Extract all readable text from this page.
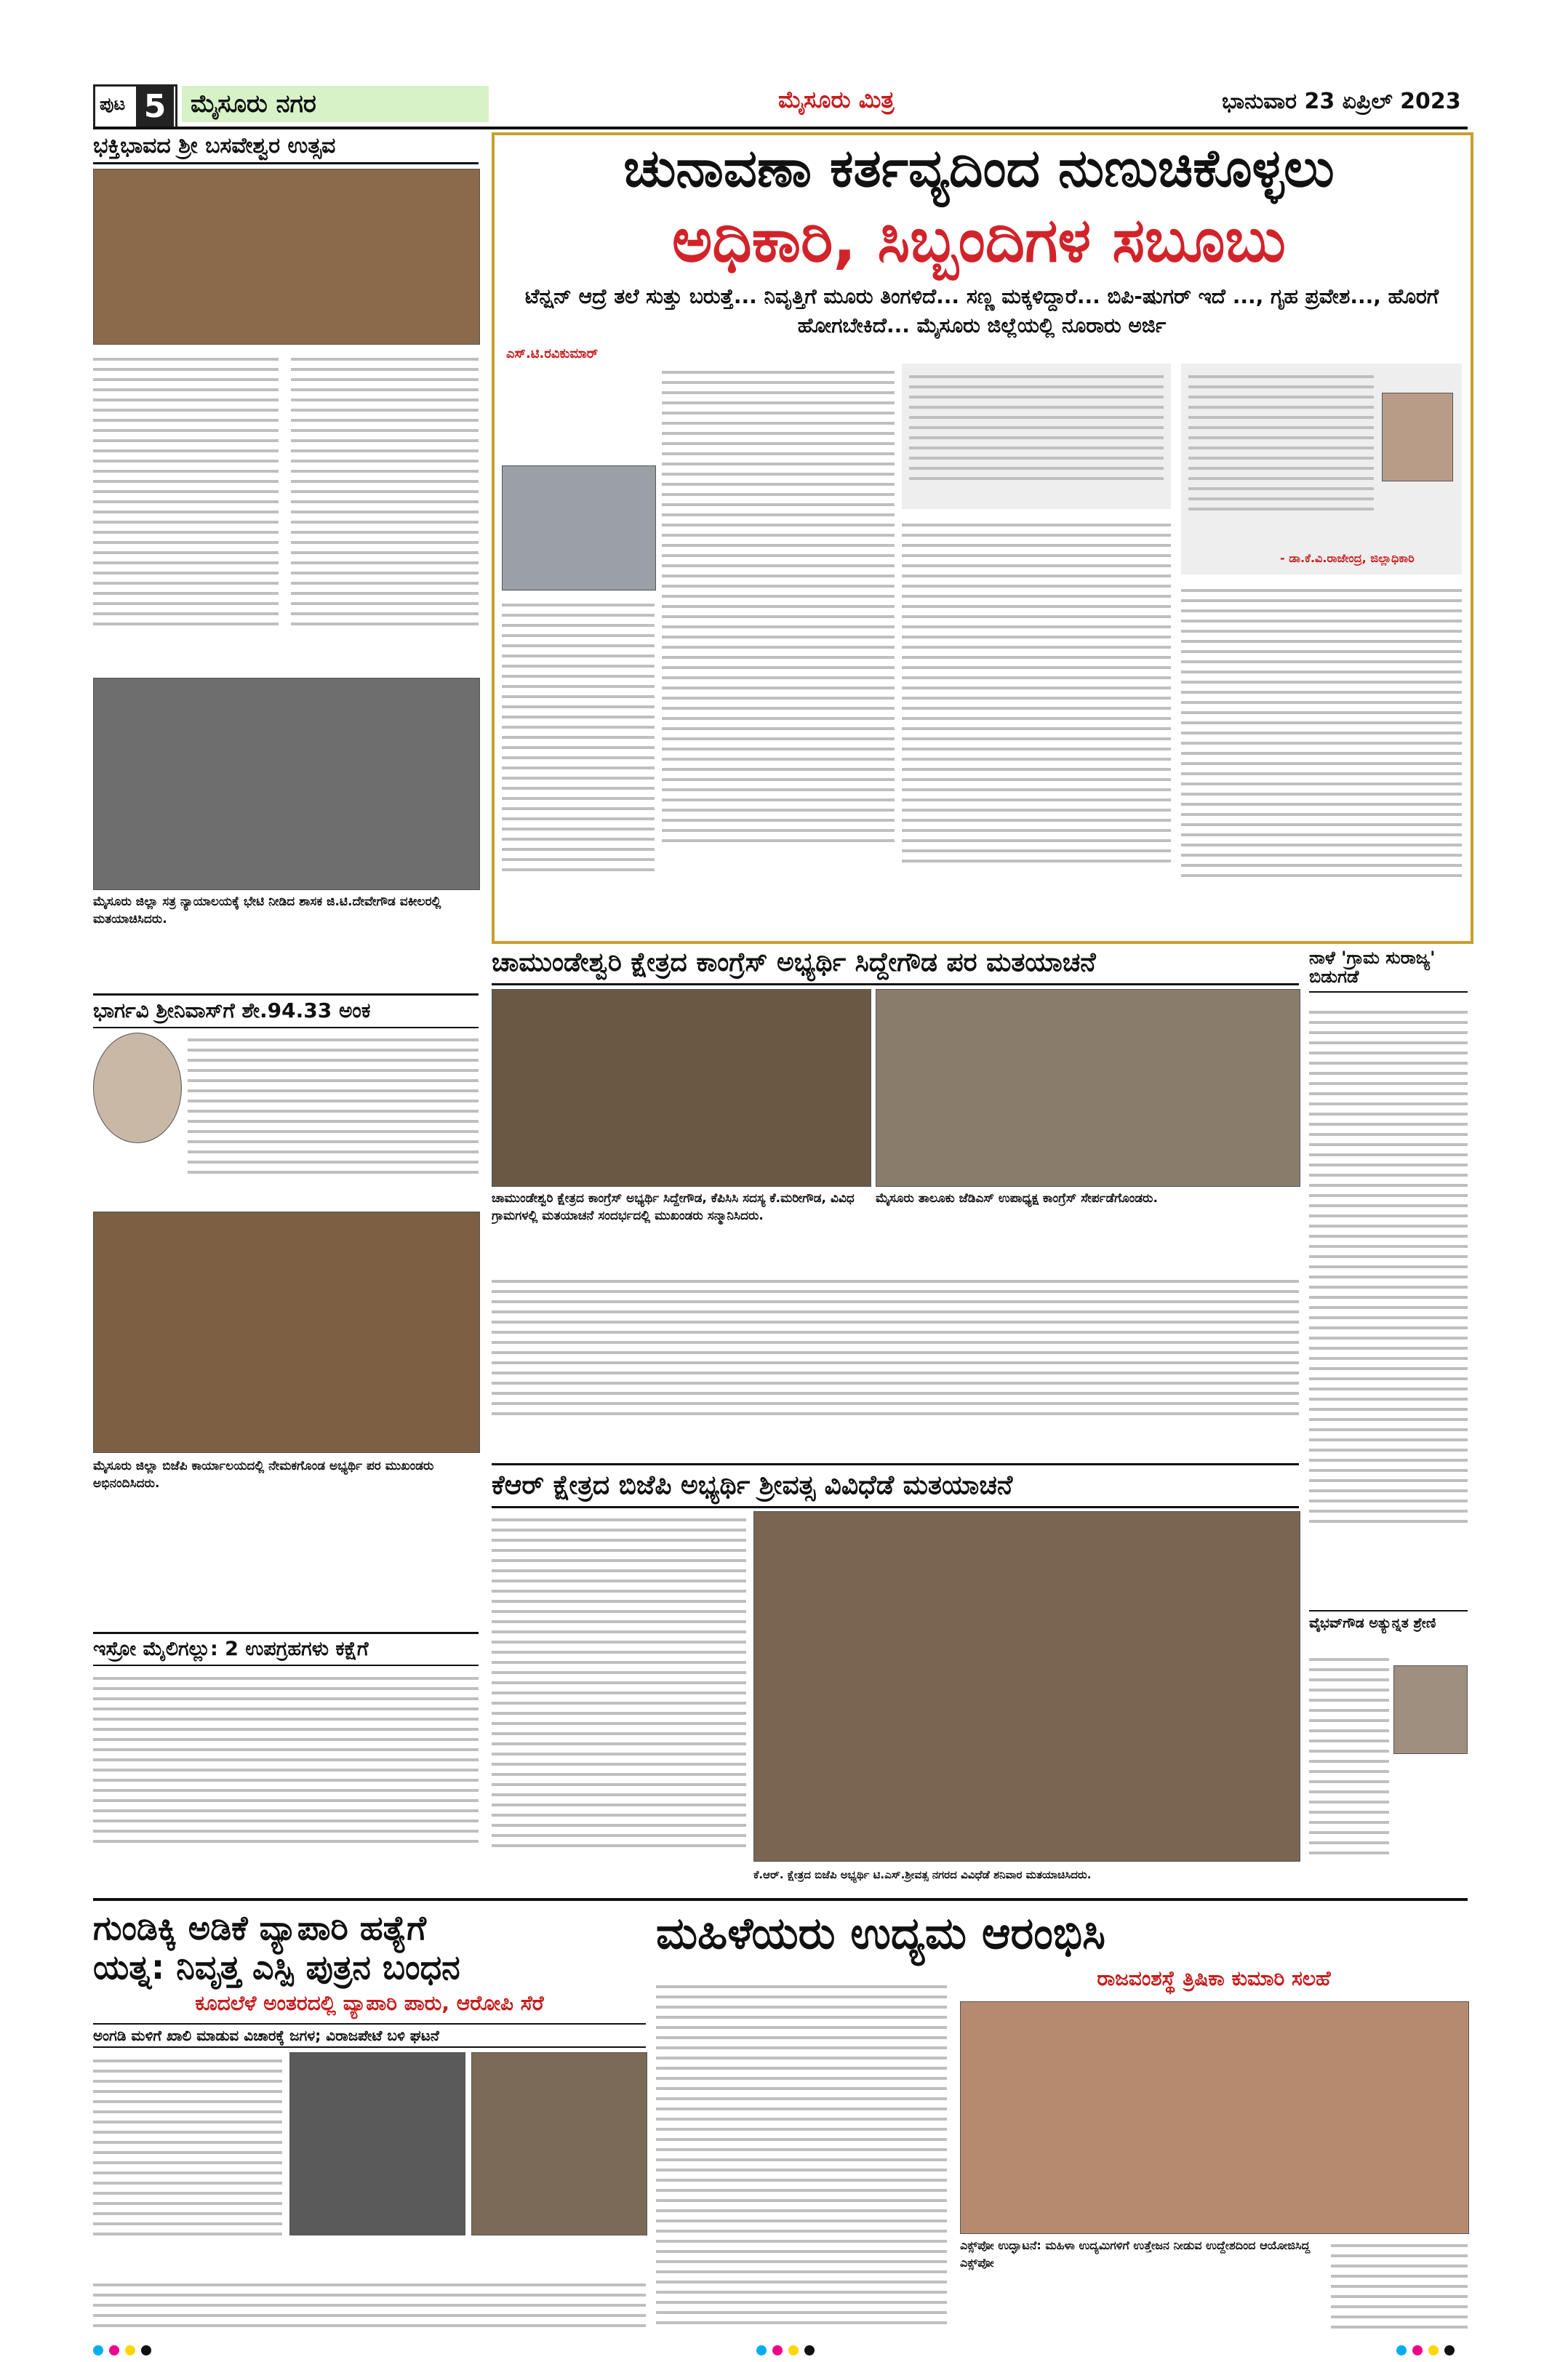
ಪುಟ 5 ಮೈಸೂರು ನಗರ	ಮೈಸೂರು ಮಿತ್ರ	ಭಾನುವಾರ 23 ಏಪ್ರಿಲ್ 2023
ಭಕ್ತಿಭಾವದ ಶ್ರೀ ಬಸವೇಶ್ವರ ಉತ್ಸವ
ಮೈಸೂರು ಜಿಲ್ಲಾ ಸತ್ರ ನ್ಯಾಯಾಲಯಕ್ಕೆ ಭೇಟಿ ನೀಡಿದ ಶಾಸಕ ಜಿ.ಟಿ.ದೇವೇಗೌಡ ವಕೀಲರಲ್ಲಿ ಮತಯಾಚಿಸಿದರು.
ಭಾರ್ಗವಿ ಶ್ರೀನಿವಾಸ್‌ಗೆ ಶೇ.94.33 ಅಂಕ
ಮೈಸೂರು ಜಿಲ್ಲಾ ಬಿಜೆಪಿ ಕಾರ್ಯಾಲಯದಲ್ಲಿ ನೇಮಕಗೊಂಡ ಅಭ್ಯರ್ಥಿ ಪರ ಮುಖಂಡರು ಅಭಿನಂದಿಸಿದರು.
ಇಸ್ರೋ ಮೈಲಿಗಲ್ಲು: 2 ಉಪಗ್ರಹಗಳು ಕಕ್ಷೆಗೆ
ಚುನಾವಣಾ ಕರ್ತವ್ಯದಿಂದ ನುಣುಚಿಕೊಳ್ಳಲು
ಅಧಿಕಾರಿ, ಸಿಬ್ಬಂದಿಗಳ ಸಬೂಬು
ಟೆನ್ಷನ್ ಆದ್ರೆ ತಲೆ ಸುತ್ತು ಬರುತ್ತೆ... ನಿವೃತ್ತಿಗೆ ಮೂರು ತಿಂಗಳಿದೆ... ಸಣ್ಣ ಮಕ್ಕಳಿದ್ದಾರೆ... ಬಿಪಿ-ಷುಗರ್ ಇದೆ ..., ಗೃಹ ಪ್ರವೇಶ..., ಹೊರಗೆ ಹೋಗಬೇಕಿದೆ... ಮೈಸೂರು ಜಿಲ್ಲೆಯಲ್ಲಿ ನೂರಾರು ಅರ್ಜಿ
ಎಸ್.ಟಿ.ರವಿಕುಮಾರ್
- ಡಾ.ಕೆ.ವಿ.ರಾಜೇಂದ್ರ, ಜಿಲ್ಲಾಧಿಕಾರಿ
ಚಾಮುಂಡೇಶ್ವರಿ ಕ್ಷೇತ್ರದ ಕಾಂಗ್ರೆಸ್ ಅಭ್ಯರ್ಥಿ ಸಿದ್ದೇಗೌಡ ಪರ ಮತಯಾಚನೆ
ಚಾಮುಂಡೇಶ್ವರಿ ಕ್ಷೇತ್ರದ ಕಾಂಗ್ರೆಸ್ ಅಭ್ಯರ್ಥಿ ಸಿದ್ದೇಗೌಡ, ಕೆಪಿಸಿಸಿ ಸದಸ್ಯ ಕೆ.ಮರೀಗೌಡ, ವಿವಿಧ ಗ್ರಾಮಗಳಲ್ಲಿ ಮತಯಾಚನೆ ಸಂದರ್ಭದಲ್ಲಿ ಮುಖಂಡರು ಸನ್ಮಾನಿಸಿದರು.
ಮೈಸೂರು ತಾಲೂಕು ಜೆಡಿಎಸ್ ಉಪಾಧ್ಯಕ್ಷ ಕಾಂಗ್ರೆಸ್ ಸೇರ್ಪಡೆಗೊಂಡರು.
ನಾಳೆ 'ಗ್ರಾಮ ಸುರಾಜ್ಯ' ಬಿಡುಗಡೆ
ಕೆಆರ್ ಕ್ಷೇತ್ರದ ಬಿಜೆಪಿ ಅಭ್ಯರ್ಥಿ ಶ್ರೀವತ್ಸ ವಿವಿಧೆಡೆ ಮತಯಾಚನೆ
ಕೆ.ಆರ್. ಕ್ಷೇತ್ರದ ಬಿಜೆಪಿ ಅಭ್ಯರ್ಥಿ ಟಿ.ಎಸ್.ಶ್ರೀವತ್ಸ ನಗರದ ವಿವಿಧೆಡೆ ಶನಿವಾರ ಮತಯಾಚಿಸಿದರು.
ವೈಭವ್‌ಗೌಡ ಅತ್ಯುನ್ನತ ಶ್ರೇಣಿ
ಗುಂಡಿಕ್ಕಿ ಅಡಿಕೆ ವ್ಯಾಪಾರಿ ಹತ್ಯೆಗೆ
ಯತ್ನ: ನಿವೃತ್ತ ಎಸ್ಪಿ ಪುತ್ರನ ಬಂಧನ
ಕೂದಲೆಳೆ ಅಂತರದಲ್ಲಿ ವ್ಯಾಪಾರಿ ಪಾರು, ಆರೋಪಿ ಸೆರೆ
ಅಂಗಡಿ ಮಳಿಗೆ ಖಾಲಿ ಮಾಡುವ ವಿಚಾರಕ್ಕೆ ಜಗಳ; ವಿರಾಜಪೇಟೆ ಬಳಿ ಘಟನೆ
ಮಹಿಳೆಯರು ಉದ್ಯಮ ಆರಂಭಿಸಿ
ರಾಜವಂಶಸ್ಥೆ ತ್ರಿಷಿಕಾ ಕುಮಾರಿ ಸಲಹೆ
ಎಕ್ಸ್‌ಪೋ ಉದ್ಘಾಟನೆ: ಮಹಿಳಾ ಉದ್ಯಮಿಗಳಿಗೆ ಉತ್ತೇಜನ ನೀಡುವ ಉದ್ದೇಶದಿಂದ ಆಯೋಜಿಸಿದ್ದ ಎಕ್ಸ್‌ಪೋ
